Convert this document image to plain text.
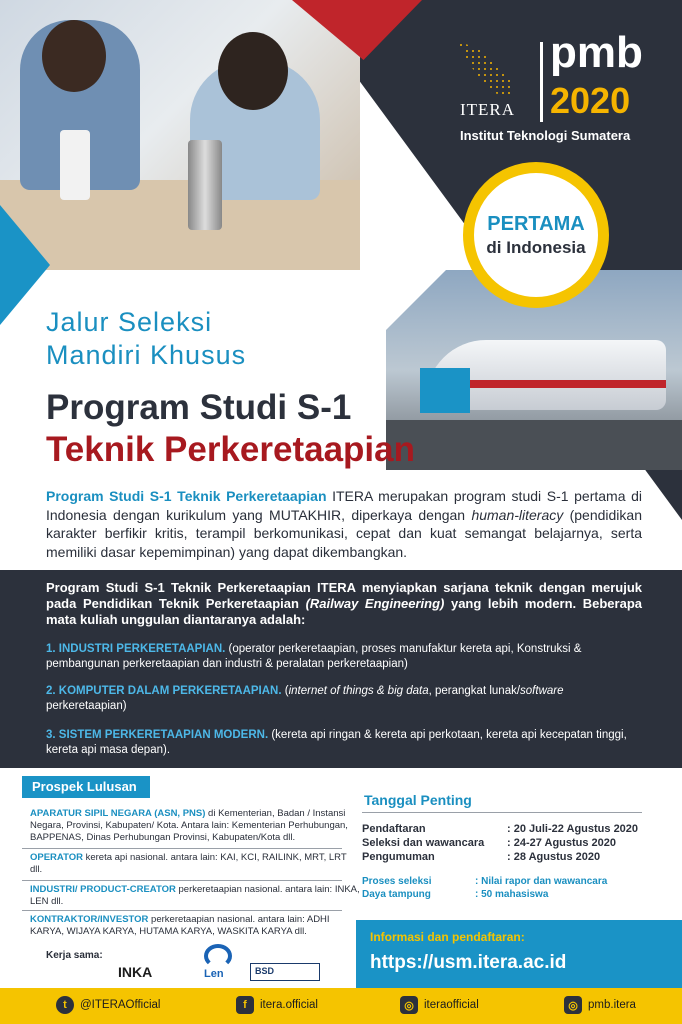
ITERA
pmb
2020
Institut Teknologi Sumatera
PERTAMA
di Indonesia
Jalur Seleksi
Mandiri Khusus
Program Studi S-1
Teknik Perkeretaapian
Program Studi S-1 Teknik Perkeretaapian ITERA merupakan program studi S-1 pertama di Indonesia dengan kurikulum yang MUTAKHIR, diperkaya dengan human-literacy (pendidikan karakter berfikir kritis, terampil berkomunikasi, cepat dan kuat semangat belajarnya, serta memiliki dasar kepemimpinan) yang dapat dikembangkan.
Program Studi S-1 Teknik Perkeretaapian ITERA menyiapkan sarjana teknik dengan merujuk pada Pendidikan Teknik Perkeretaapian (Railway Engineering) yang lebih modern. Beberapa mata kuliah unggulan diantaranya adalah:
1. INDUSTRI PERKERETAAPIAN. (operator perkeretaapian, proses manufaktur kereta api, Konstruksi & pembangunan perkeretaapian dan industri & peralatan perkeretaapian)
2. KOMPUTER DALAM PERKERETAAPIAN. (internet of things & big data, perangkat lunak/software perkeretaapian)
3. SISTEM PERKERETAAPIAN MODERN. (kereta api ringan & kereta api perkotaan, kereta api kecepatan tinggi, kereta api masa depan).
Prospek Lulusan
APARATUR SIPIL NEGARA (ASN, PNS) di Kementerian, Badan / Instansi Negara, Provinsi, Kabupaten/ Kota. Antara lain: Kementerian Perhubungan, BAPPENAS, Dinas Perhubungan Provinsi, Kabupaten/Kota dll.
OPERATOR kereta api nasional. antara lain: KAI, KCI, RAILINK, MRT, LRT dll.
INDUSTRI/ PRODUCT-CREATOR perkeretaapian nasional. antara lain: INKA, LEN dll.
KONTRAKTOR/INVESTOR perkeretaapian nasional. antara lain: ADHI KARYA, WIJAYA KARYA, HUTAMA KARYA, WASKITA KARYA dll.
Kerja sama:
INKA	Len	BSD
Tanggal Penting
Pendaftaran	: 20 Juli-22 Agustus 2020
Seleksi dan wawancara : 24-27 Agustus 2020
Pengumuman	: 28 Agustus 2020
Proses seleksi	: Nilai rapor dan wawancara
Daya tampung	: 50 mahasiswa
Informasi dan pendaftaran:
https://usm.itera.ac.id
t	@ITERAOfficial	f	itera.official	◎ iteraofficial	◎ pmb.itera
